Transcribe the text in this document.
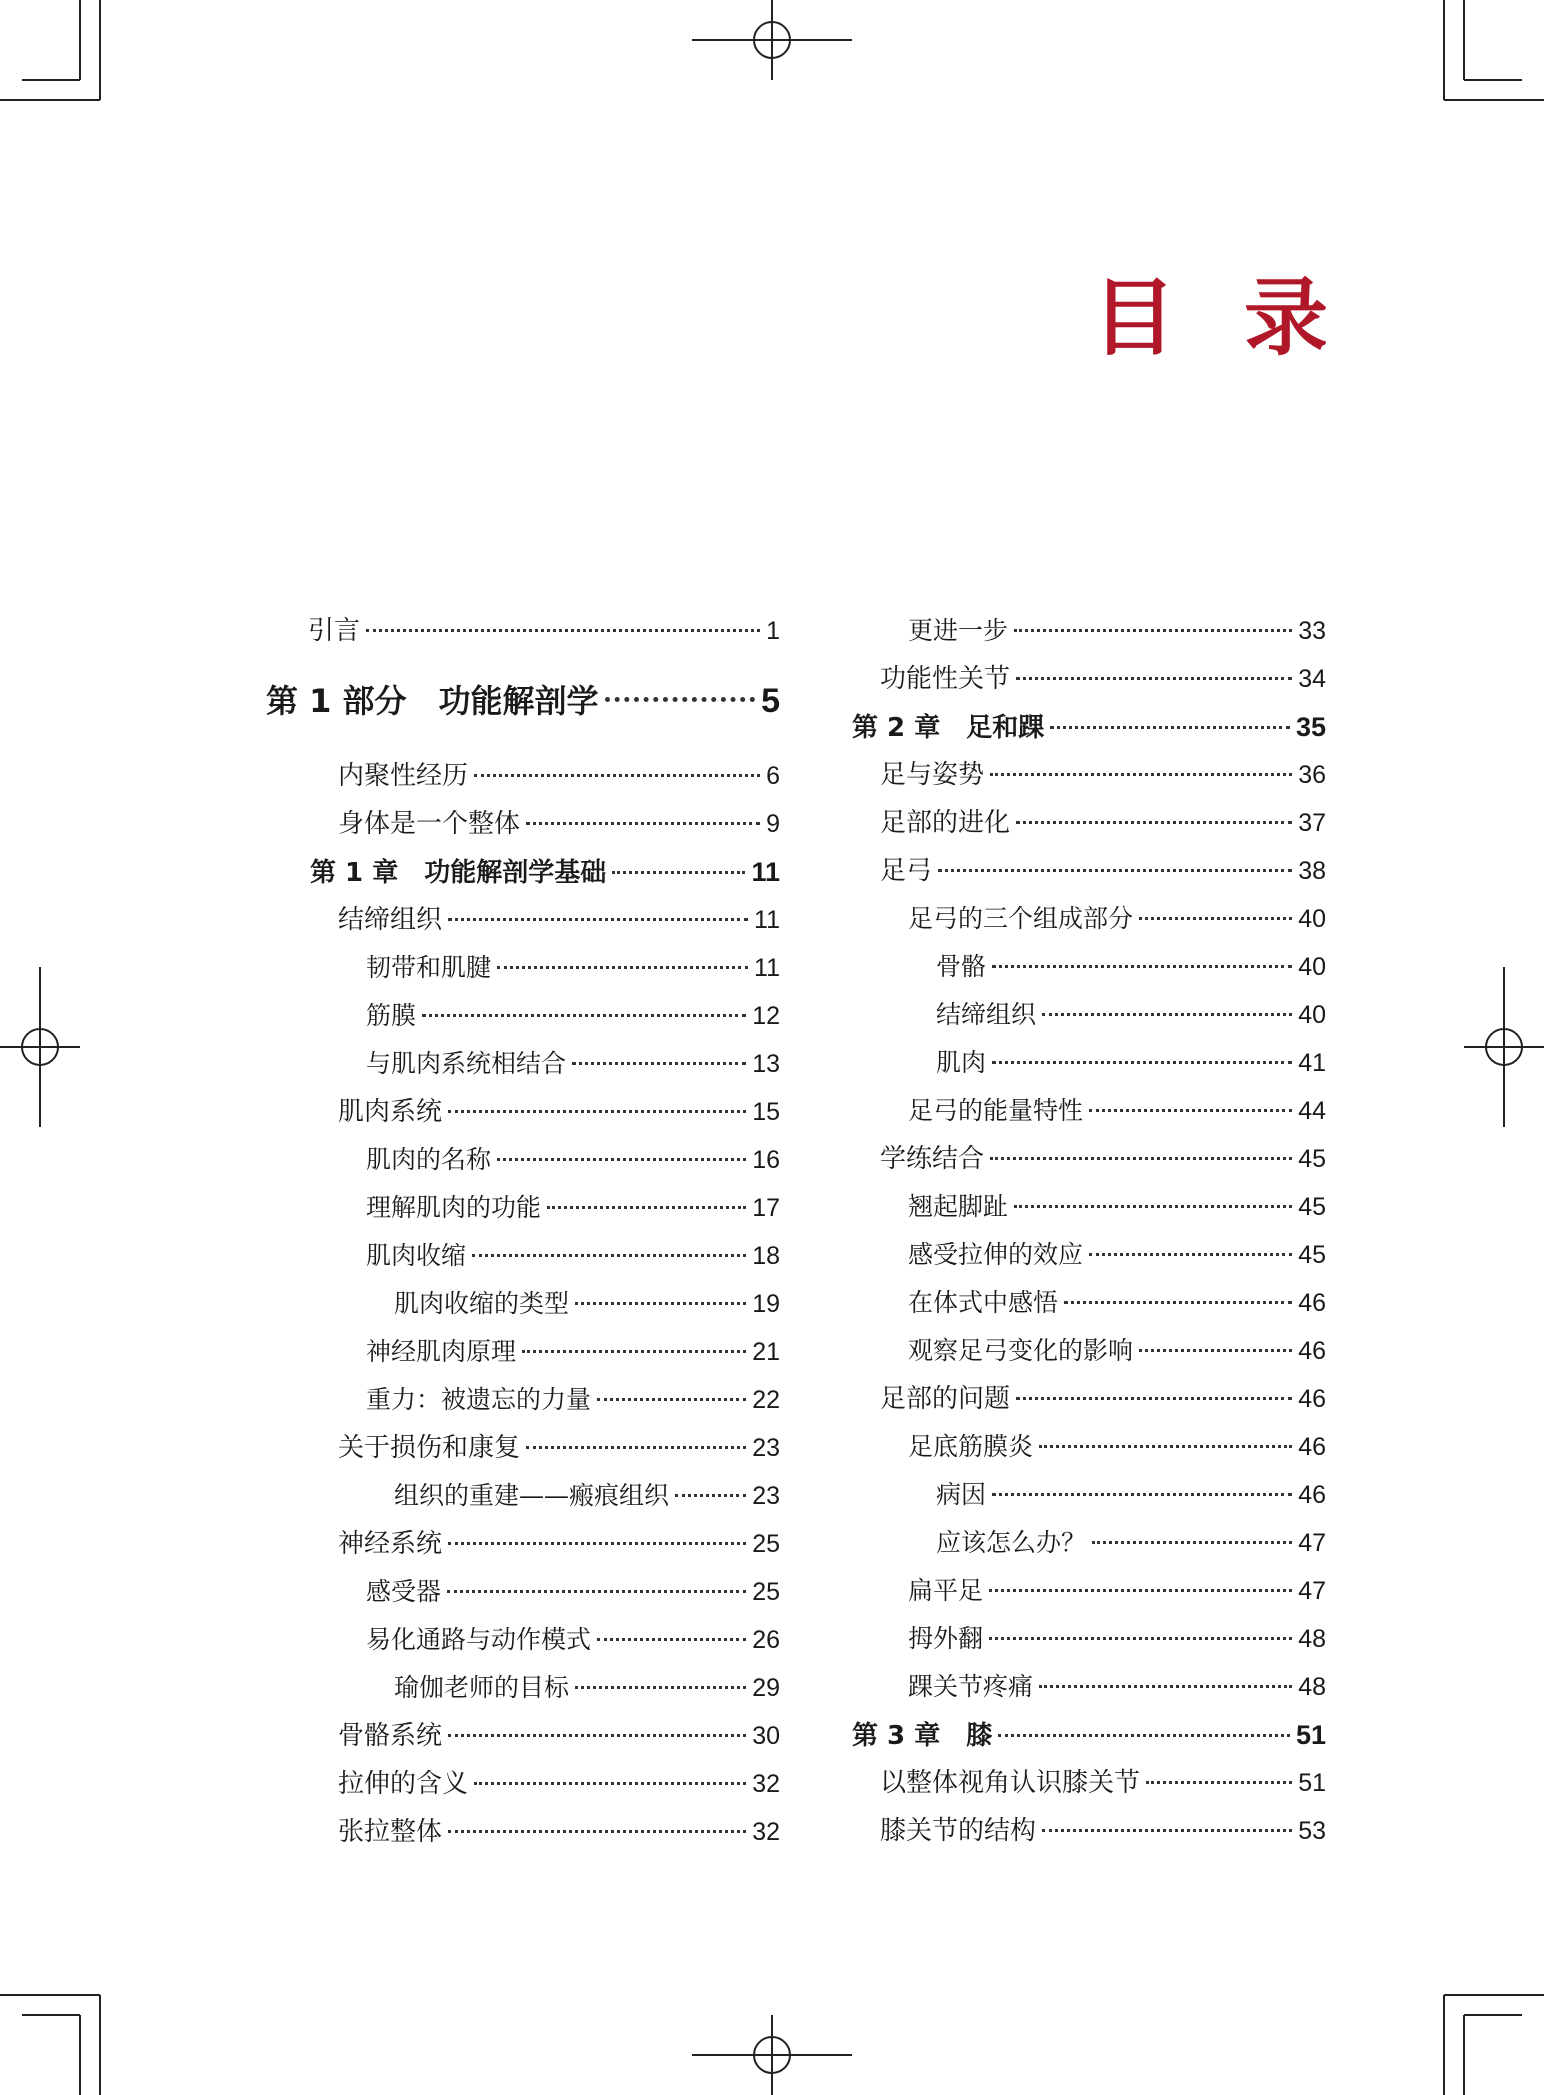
目 录
引言	1
第 1 部分　功能解剖学	5
内聚性经历	6
身体是一个整体	9
第 1 章　功能解剖学基础	11
结缔组织	11
韧带和肌腱	11
筋膜	12
与肌肉系统相结合	13
肌肉系统	15
肌肉的名称	16
理解肌肉的功能	17
肌肉收缩	18
肌肉收缩的类型	19
神经肌肉原理	21
重力：被遗忘的力量	22
关于损伤和康复	23
组织的重建——瘢痕组织	23
神经系统	25
感受器	25
易化通路与动作模式	26
瑜伽老师的目标	29
骨骼系统	30
拉伸的含义	32
张拉整体	32
更进一步	33
功能性关节	34
第 2 章　足和踝	35
足与姿势	36
足部的进化	37
足弓	38
足弓的三个组成部分	40
骨骼	40
结缔组织	40
肌肉	41
足弓的能量特性	44
学练结合	45
翘起脚趾	45
感受拉伸的效应	45
在体式中感悟	46
观察足弓变化的影响	46
足部的问题	46
足底筋膜炎	46
病因	46
应该怎么办？	47
扁平足	47
拇外翻	48
踝关节疼痛	48
第 3 章　膝	51
以整体视角认识膝关节	51
膝关节的结构	53
